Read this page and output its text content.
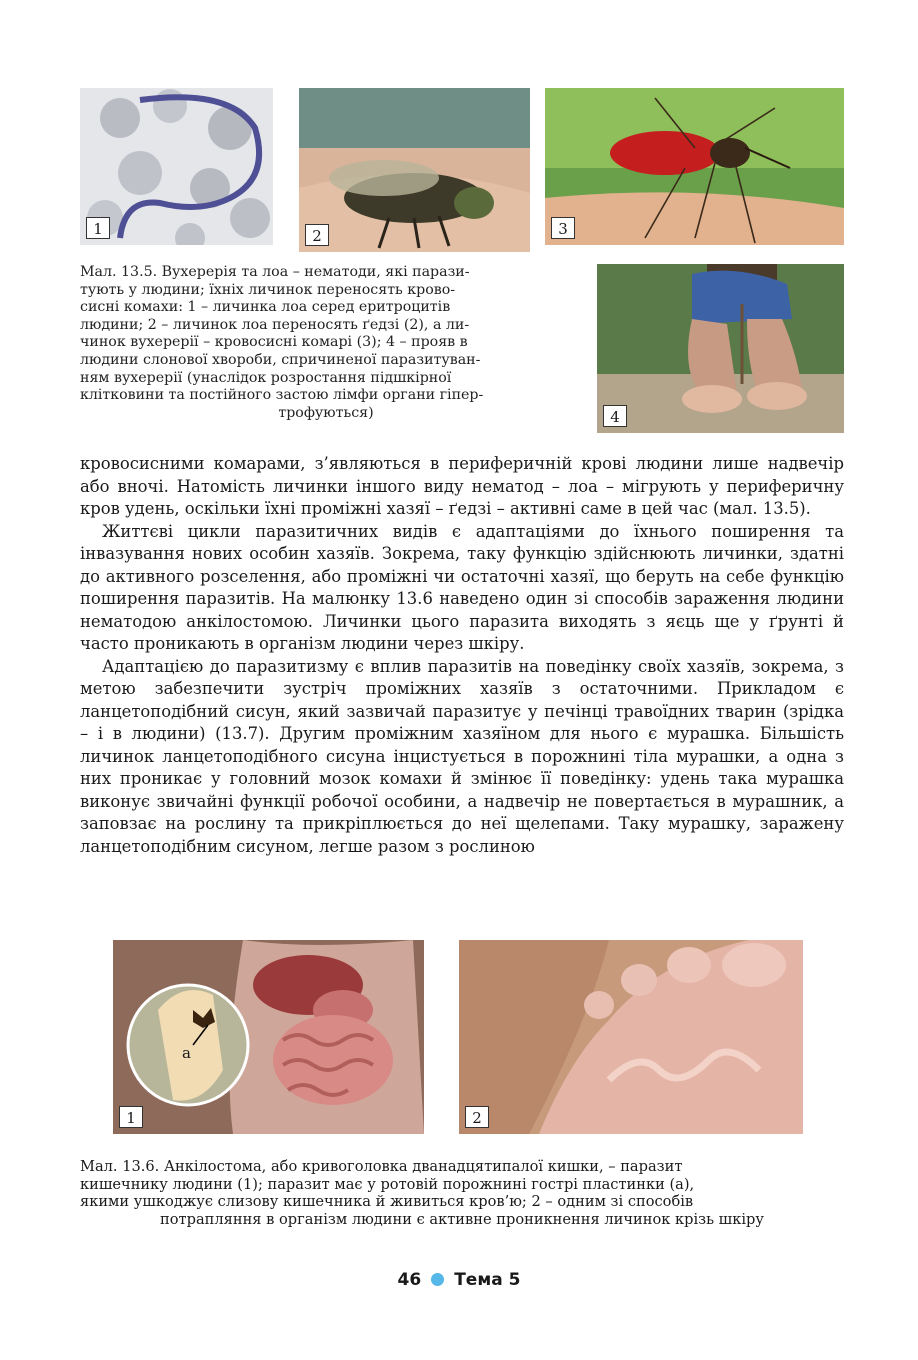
1	2	3
Мал. 13.5. Вухерерія та лоа – нематоди, які парази-
тують у людини; їхніх личинок переносять крово-
сисні комахи: 1 – личинка лоа серед еритроцитів
людини; 2 – личинок лоа переносять ґедзі (2), а ли-
чинок вухерерії – кровосисні комарі (3); 4 – прояв в
людини слонової хвороби, спричиненої паразитуван-
ням вухерерії (унаслідок розростання підшкірної
клітковини та постійного застою лімфи органи гіпер-
трофуються)	4

кровосисними комарами, з’являються в периферичній крові людини лише надвечір або вночі. Натомість личинки іншого виду нематод – лоа – мігрують у периферичну кров удень, оскільки їхні проміжні хазяї – ґедзі – активні саме в цей час (мал. 13.5).

Життєві цикли паразитичних видів є адаптаціями до їхнього поширення та інвазування нових особин хазяїв. Зокрема, таку функцію здійснюють личинки, здатні до активного розселення, або проміжні чи остаточні хазяї, що беруть на себе функцію поширення паразитів. На малюнку 13.6 наведено один зі способів зараження людини нематодою анкілостомою. Личинки цього паразита виходять з яєць ще у ґрунті й часто проникають в організм людини через шкіру.

Адаптацією до паразитизму є вплив паразитів на поведінку своїх хазяїв, зокрема, з метою забезпечити зустріч проміжних хазяїв з остаточними. Прикладом є ланцетоподібний сисун, який зазвичай паразитує у печінці травоїдних тварин (зрідка – і в людини) (13.7). Другим проміжним хазяїном для нього є мурашка. Більшість личинок ланцетоподібного сисуна інцистується в порожнині тіла мурашки, а одна з них проникає у головний мозок комахи й змінює її поведінку: удень така мурашка виконує звичайні функції робочої особини, а надвечір не повертається в мурашник, а заповзає на рослину та прикріплюється до неї щелепами. Таку мурашку, заражену ланцетоподібним сисуном, легше разом з рослиною

а
1	2
Мал. 13.6. Анкілостома, або кривоголовка дванадцятипалої кишки, – паразит
кишечнику людини (1); паразит має у ротовій порожнині гострі пластинки (а),
якими ушкоджує слизову кишечника й живиться кров’ю; 2 – одним зі способів
потрапляння в організм людини є активне проникнення личинок крізь шкіру
46 Тема 5
